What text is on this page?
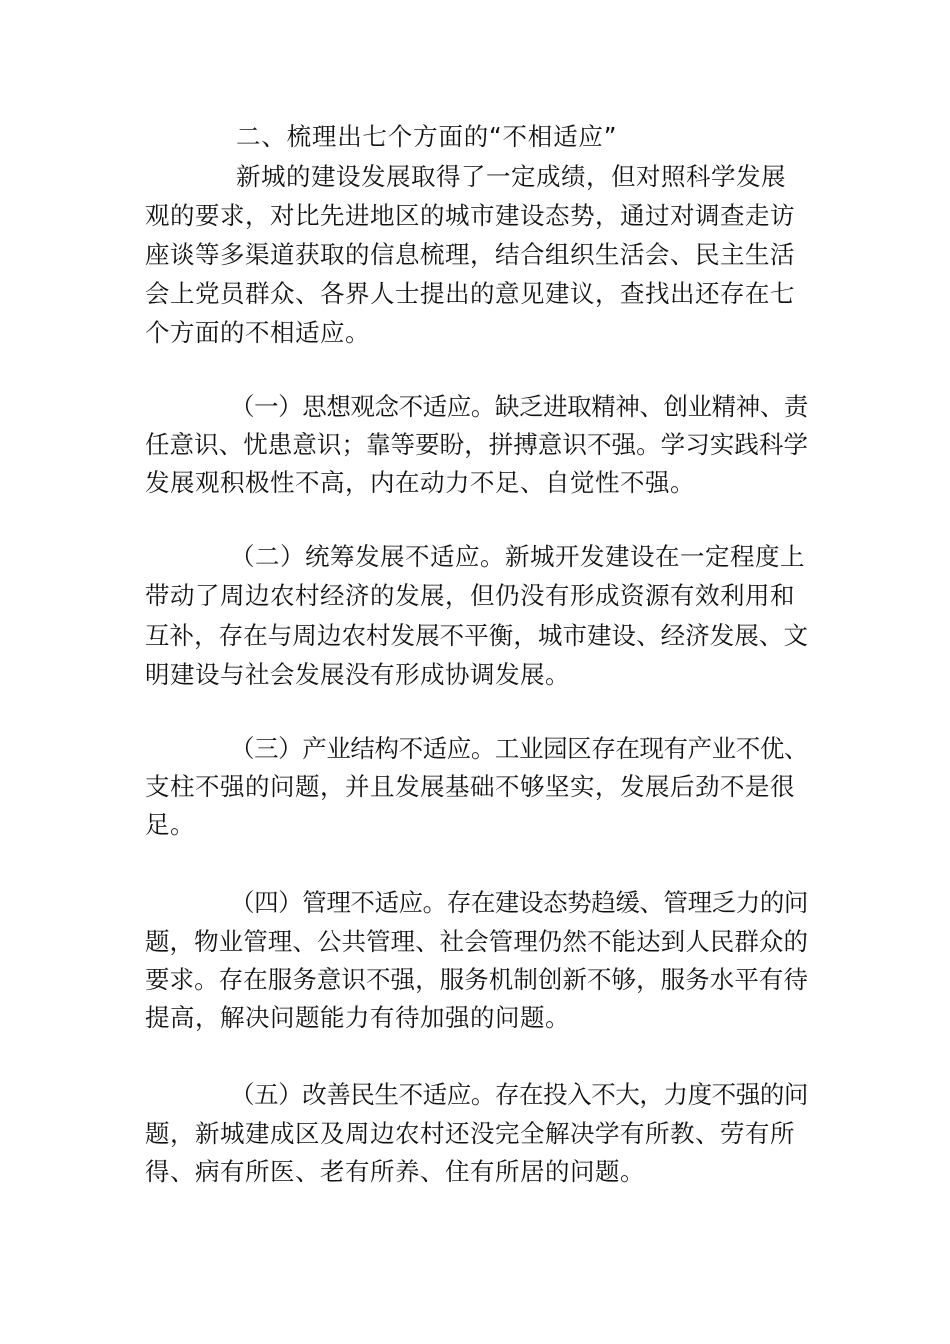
二、梳理出七个方面的“不相适应”

新城的建设发展取得了一定成绩，但对照科学发展

观的要求，对比先进地区的城市建设态势，通过对调查走访

座谈等多渠道获取的信息梳理，结合组织生活会、民主生活

会上党员群众、各界人士提出的意见建议，查找出还存在七

个方面的不相适应。

（一）思想观念不适应。缺乏进取精神、创业精神、责

任意识、忧患意识；靠等要盼，拼搏意识不强。学习实践科学

发展观积极性不高，内在动力不足、自觉性不强。

（二）统筹发展不适应。新城开发建设在一定程度上

带动了周边农村经济的发展，但仍没有形成资源有效利用和

互补，存在与周边农村发展不平衡，城市建设、经济发展、文

明建设与社会发展没有形成协调发展。

（三）产业结构不适应。工业园区存在现有产业不优、

支柱不强的问题，并且发展基础不够坚实，发展后劲不是很

足。

（四）管理不适应。存在建设态势趋缓、管理乏力的问

题，物业管理、公共管理、社会管理仍然不能达到人民群众的

要求。存在服务意识不强，服务机制创新不够，服务水平有待

提高，解决问题能力有待加强的问题。

（五）改善民生不适应。存在投入不大，力度不强的问

题，新城建成区及周边农村还没完全解决学有所教、劳有所

得、病有所医、老有所养、住有所居的问题。
